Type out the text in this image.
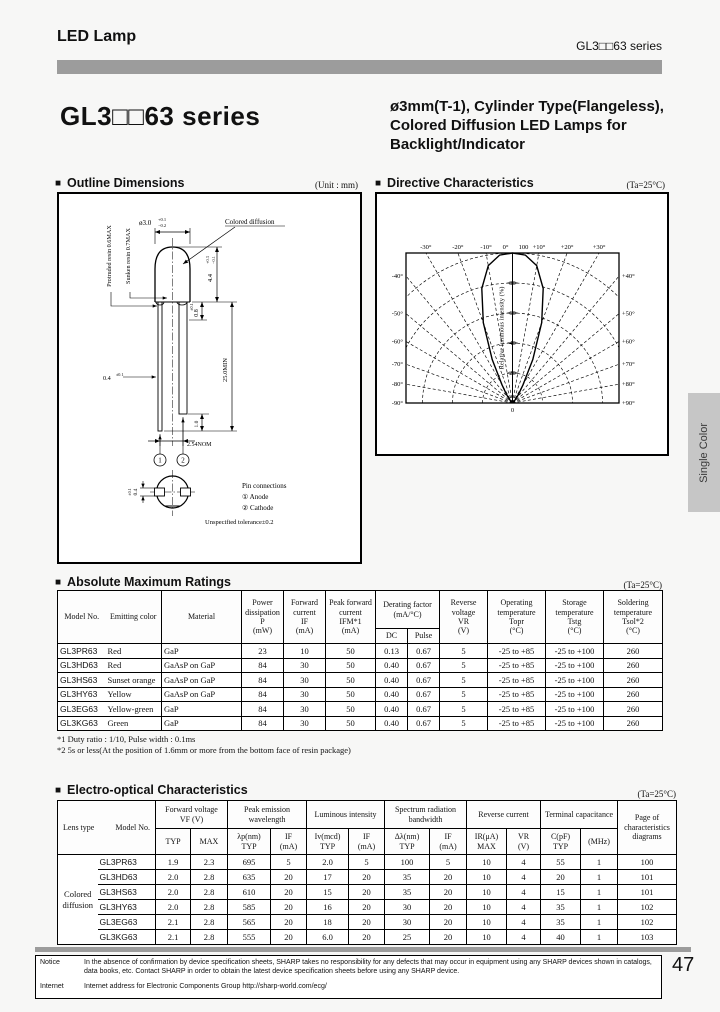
LED Lamp
GL3□□63 series
GL3□□63 series	ø3mm(T-1), Cylinder Type(Flangeless),
Colored Diffusion LED Lamps for
Backlight/Indicator
■ Outline Dimensions	(Unit : mm)
ø3.0 +0.1
−0.2	Colored diffusion
Protruded resin 0.6MAX Sunken resin 0.7MAX	4.4
+0.3 −0.1
0.8
±0.1
25.0MIN
0.4
±0.1
1.0
2.54NOM
1	2
0.4
±0.1
Pin connections
① Anode
② Cathode
Unspecified tolerance±0.2
■ Directive Characteristics	(Ta=25°C)
-30°	-20°	-10° 0°	+10° +20°	+30°
100
-40°
-50°
-60°
-70°
-80°
-90°
+40°
+50°
+60°
+70°
+80°
+90°
0
20
40
60
80
Relative luminous intensity (%)
■ Absolute Maximum Ratings	(Ta=25°C)
Model No.	Emitting color	Material	
Power dissipation
P
(mW)

Forward current
IF
(mA)

Peak forward current
IFM*1
(mA)

Derating factor
(mA/°C)

Reverse voltage
VR
(V)

Operating temperature
Topr
(°C)

Storage temperature
Tstg
(°C)

Soldering temperature
Tsol*2
(°C)

						DC	Pulse				
GL3PR63	Red	GaP	23	10	50	0.13	0.67	5	-25 to +85	-25 to +100	260
GL3HD63	Red	GaAsP on GaP	84	30	50	0.40	0.67	5	-25 to +85	-25 to +100	260
GL3HS63	Sunset orange	GaAsP on GaP	84	30	50	0.40	0.67	5	-25 to +85	-25 to +100	260
GL3HY63	Yellow	GaAsP on GaP	84	30	50	0.40	0.67	5	-25 to +85	-25 to +100	260
GL3EG63	Yellow-green	GaP	84	30	50	0.40	0.67	5	-25 to +85	-25 to +100	260
GL3KG63	Green	GaP	84	30	50	0.40	0.67	5	-25 to +85	-25 to +100	260
*1 Duty ratio : 1/10, Pulse width : 0.1ms
*2 5s or less(At the position of 1.6mm or more from the bottom face of resin package)
■ Electro-optical Characteristics	(Ta=25°C)
Lens type	Model No.

Forward voltage
VF (V)
	Peak emission wavelength	Luminous intensity	Spectrum radiation bandwidth	Reverse current	Terminal capacitance	Page of
characteristics
diagrams

TYP	MAX

λp(nm)
TYP

IF
(mA)

Iv(mcd)
TYP

IF
(mA)

Δλ(nm)
TYP

IF
(mA)

IR(μA)
MAX

VR
(V)

C(pF)
TYP

(MHz)

Colored
diffusion	GL3PR63	1.9	2.3	695	5	2.0	5	100	5	10	4	55	1	100
	GL3HD63	2.0	2.8	635	20	17	20	35	20	10	4	20	1	101
	GL3HS63	2.0	2.8	610	20	15	20	35	20	10	4	15	1	101
	GL3HY63	2.0	2.8	585	20	16	20	30	20	10	4	35	1	102
	GL3EG63	2.1	2.8	565	20	18	20	30	20	10	4	35	1	102
	GL3KG63	2.1	2.8	555	20	6.0	20	25	20	10	4	40	1	103
Notice	In the absence of confirmation by device specification sheets, SHARP takes no responsibility for any defects that may occur in equipment using any SHARP devices shown in catalogs, data books, etc. Contact SHARP in order to obtain the latest device specification sheets before using any SHARP device.
Internet	Internet address for Electronic Components Group http://sharp-world.com/ecg/
47
Single Color
